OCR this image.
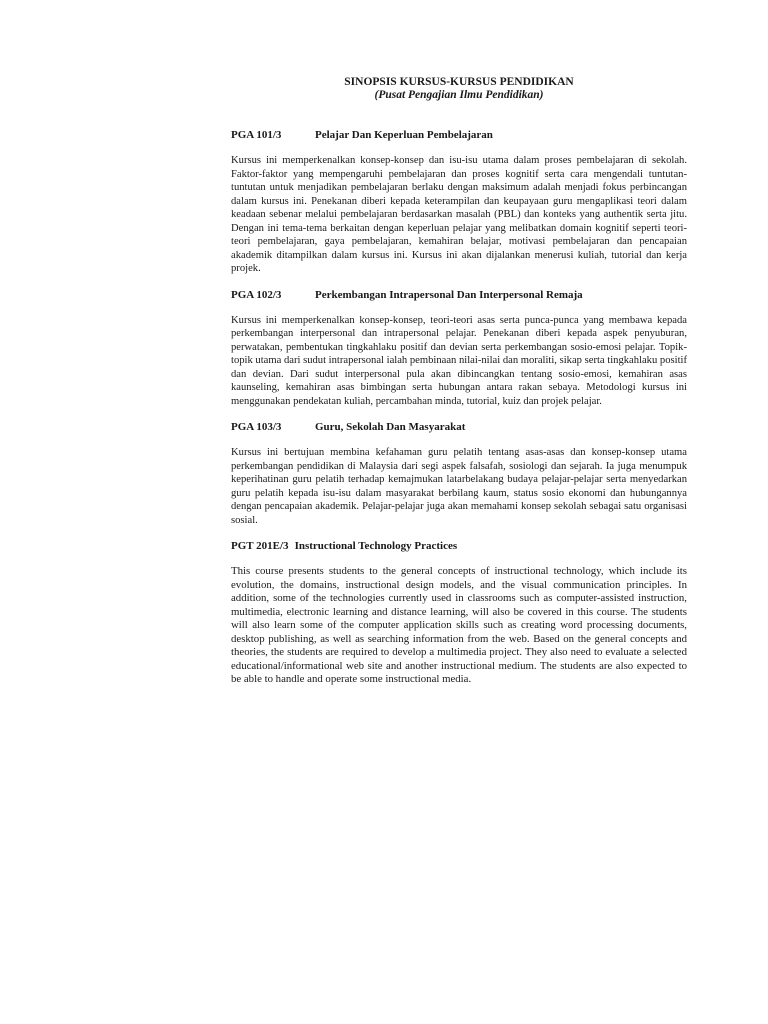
SINOPSIS KURSUS-KURSUS PENDIDIKAN

(Pusat Pengajian Ilmu Pendidikan)

PGA 101/3	Pelajar Dan Keperluan Pembelajaran

Kursus ini memperkenalkan konsep-konsep dan isu-isu utama dalam proses pembelajaran di sekolah. Faktor-faktor yang mempengaruhi pembelajaran dan proses kognitif serta cara mengendali tuntutan-tuntutan untuk menjadikan pembelajaran berlaku dengan maksimum adalah menjadi fokus perbincangan dalam kursus ini. Penekanan diberi kepada keterampilan dan keupayaan guru mengaplikasi teori dalam keadaan sebenar melalui pembelajaran berdasarkan masalah (PBL) dan konteks yang authentik serta jitu. Dengan ini tema-tema berkaitan dengan keperluan pelajar yang melibatkan domain kognitif seperti teori-teori pembelajaran, gaya pembelajaran, kemahiran belajar, motivasi pembelajaran dan pencapaian akademik ditampilkan dalam kursus ini. Kursus ini akan dijalankan menerusi kuliah, tutorial dan kerja projek.

PGA 102/3	Perkembangan Intrapersonal Dan Interpersonal Remaja

Kursus ini memperkenalkan konsep-konsep, teori-teori asas serta punca-punca yang membawa kepada perkembangan interpersonal dan intrapersonal pelajar. Penekanan diberi kepada aspek penyuburan, perwatakan, pembentukan tingkahlaku positif dan devian serta perkembangan sosio-emosi pelajar. Topik-topik utama dari sudut intrapersonal ialah pembinaan nilai-nilai dan moraliti, sikap serta tingkahlaku positif dan devian. Dari sudut interpersonal pula akan dibincangkan tentang sosio-emosi, kemahiran asas kaunseling, kemahiran asas bimbingan serta hubungan antara rakan sebaya. Metodologi kursus ini menggunakan pendekatan kuliah, percambahan minda, tutorial, kuiz dan projek pelajar.

PGA 103/3	Guru, Sekolah Dan Masyarakat

Kursus ini bertujuan membina kefahaman guru pelatih tentang asas-asas dan konsep-konsep utama perkembangan pendidikan di Malaysia dari segi aspek falsafah, sosiologi dan sejarah. Ia juga menumpuk keperihatinan guru pelatih terhadap kemajmukan latarbelakang budaya pelajar-pelajar serta menyedarkan guru pelatih kepada isu-isu dalam masyarakat berbilang kaum, status sosio ekonomi dan hubungannya dengan pencapaian akademik. Pelajar-pelajar juga akan memahami konsep sekolah sebagai satu organisasi sosial.

PGT 201E/3 Instructional Technology Practices

This course presents students to the general concepts of instructional technology, which include its evolution, the domains, instructional design models, and the visual communication principles. In addition, some of the technologies currently used in classrooms such as computer-assisted instruction, multimedia, electronic learning and distance learning, will also be covered in this course. The students will also learn some of the computer application skills such as creating word processing documents, desktop publishing, as well as searching information from the web. Based on the general concepts and theories, the students are required to develop a multimedia project. They also need to evaluate a selected educational/informational web site and another instructional medium. The students are also expected to be able to handle and operate some instructional media.
